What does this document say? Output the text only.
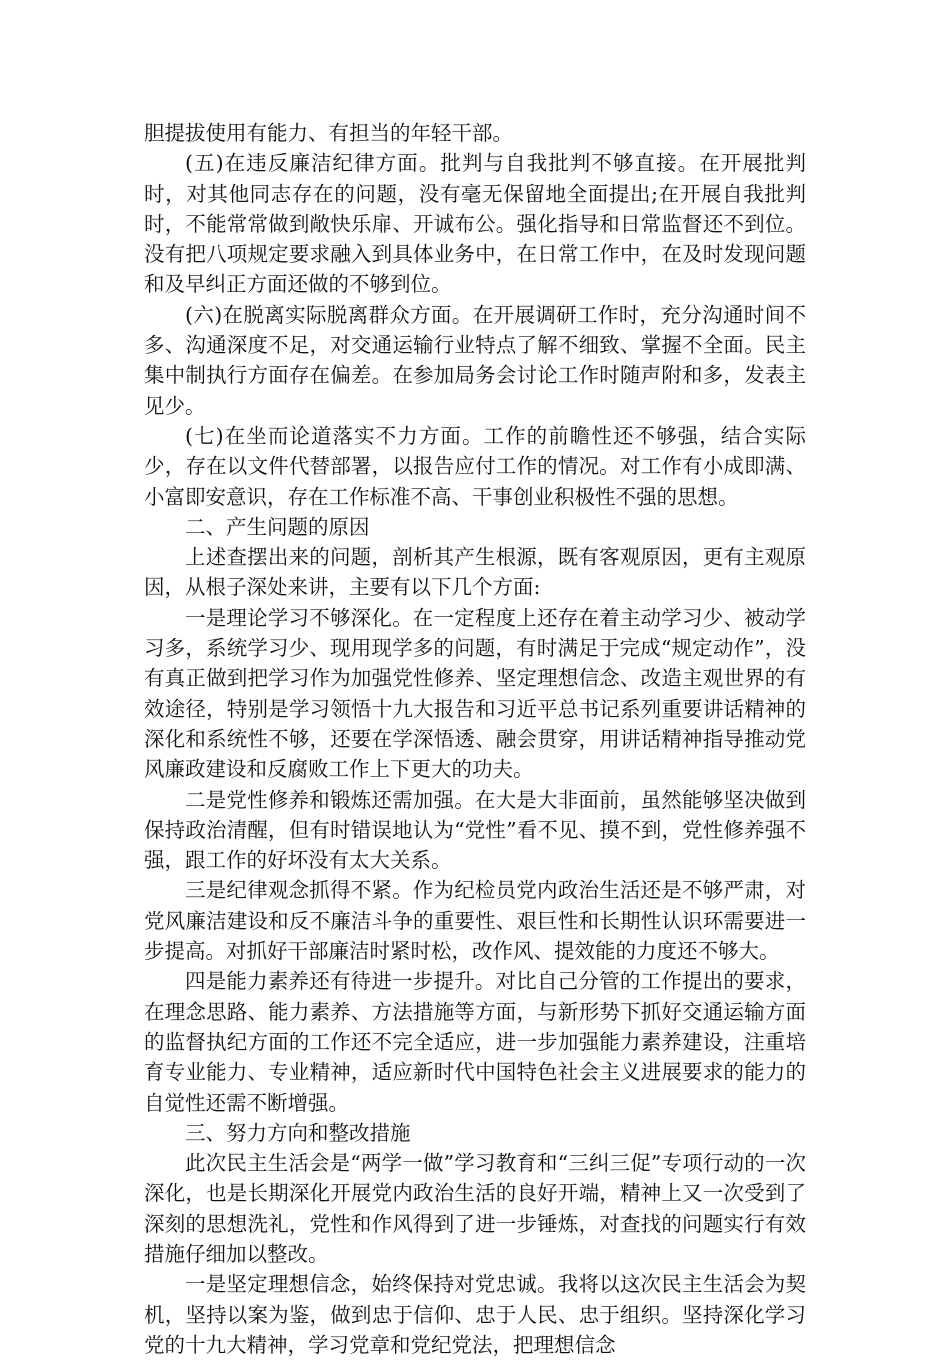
胆提拔使用有能力、有担当的年轻干部。

(五)在违反廉洁纪律方面。批判与自我批判不够直接。在开展批判时，对其他同志存在的问题，没有毫无保留地全面提出;在开展自我批判时，不能常常做到敞快乐扉、开诚布公。强化指导和日常监督还不到位。没有把八项规定要求融入到具体业务中，在日常工作中，在及时发现问题和及早纠正方面还做的不够到位。

(六)在脱离实际脱离群众方面。在开展调研工作时，充分沟通时间不多、沟通深度不足，对交通运输行业特点了解不细致、掌握不全面。民主集中制执行方面存在偏差。在参加局务会讨论工作时随声附和多，发表主见少。

(七)在坐而论道落实不力方面。工作的前瞻性还不够强，结合实际少，存在以文件代替部署，以报告应付工作的情况。对工作有小成即满、小富即安意识，存在工作标准不高、干事创业积极性不强的思想。

二、产生问题的原因

上述查摆出来的问题，剖析其产生根源，既有客观原因，更有主观原因，从根子深处来讲，主要有以下几个方面:

一是理论学习不够深化。在一定程度上还存在着主动学习少、被动学习多，系统学习少、现用现学多的问题，有时满足于完成“规定动作”，没有真正做到把学习作为加强党性修养、坚定理想信念、改造主观世界的有效途径，特别是学习领悟十九大报告和习近平总书记系列重要讲话精神的深化和系统性不够，还要在学深悟透、融会贯穿，用讲话精神指导推动党风廉政建设和反腐败工作上下更大的功夫。

二是党性修养和锻炼还需加强。在大是大非面前，虽然能够坚决做到保持政治清醒，但有时错误地认为“党性”看不见、摸不到，党性修养强不强，跟工作的好坏没有太大关系。

三是纪律观念抓得不紧。作为纪检员党内政治生活还是不够严肃，对党风廉洁建设和反不廉洁斗争的重要性、艰巨性和长期性认识环需要进一步提高。对抓好干部廉洁时紧时松，改作风、提效能的力度还不够大。

四是能力素养还有待进一步提升。对比自己分管的工作提出的要求，在理念思路、能力素养、方法措施等方面，与新形势下抓好交通运输方面的监督执纪方面的工作还不完全适应，进一步加强能力素养建设，注重培育专业能力、专业精神，适应新时代中国特色社会主义进展要求的能力的自觉性还需不断增强。

三、努力方向和整改措施

此次民主生活会是“两学一做”学习教育和“三纠三促”专项行动的一次深化，也是长期深化开展党内政治生活的良好开端，精神上又一次受到了深刻的思想洗礼，党性和作风得到了进一步锤炼，对查找的问题实行有效措施仔细加以整改。

一是坚定理想信念，始终保持对党忠诚。我将以这次民主生活会为契机，坚持以案为鉴，做到忠于信仰、忠于人民、忠于组织。坚持深化学习党的十九大精神，学习党章和党纪党法，把理想信念
